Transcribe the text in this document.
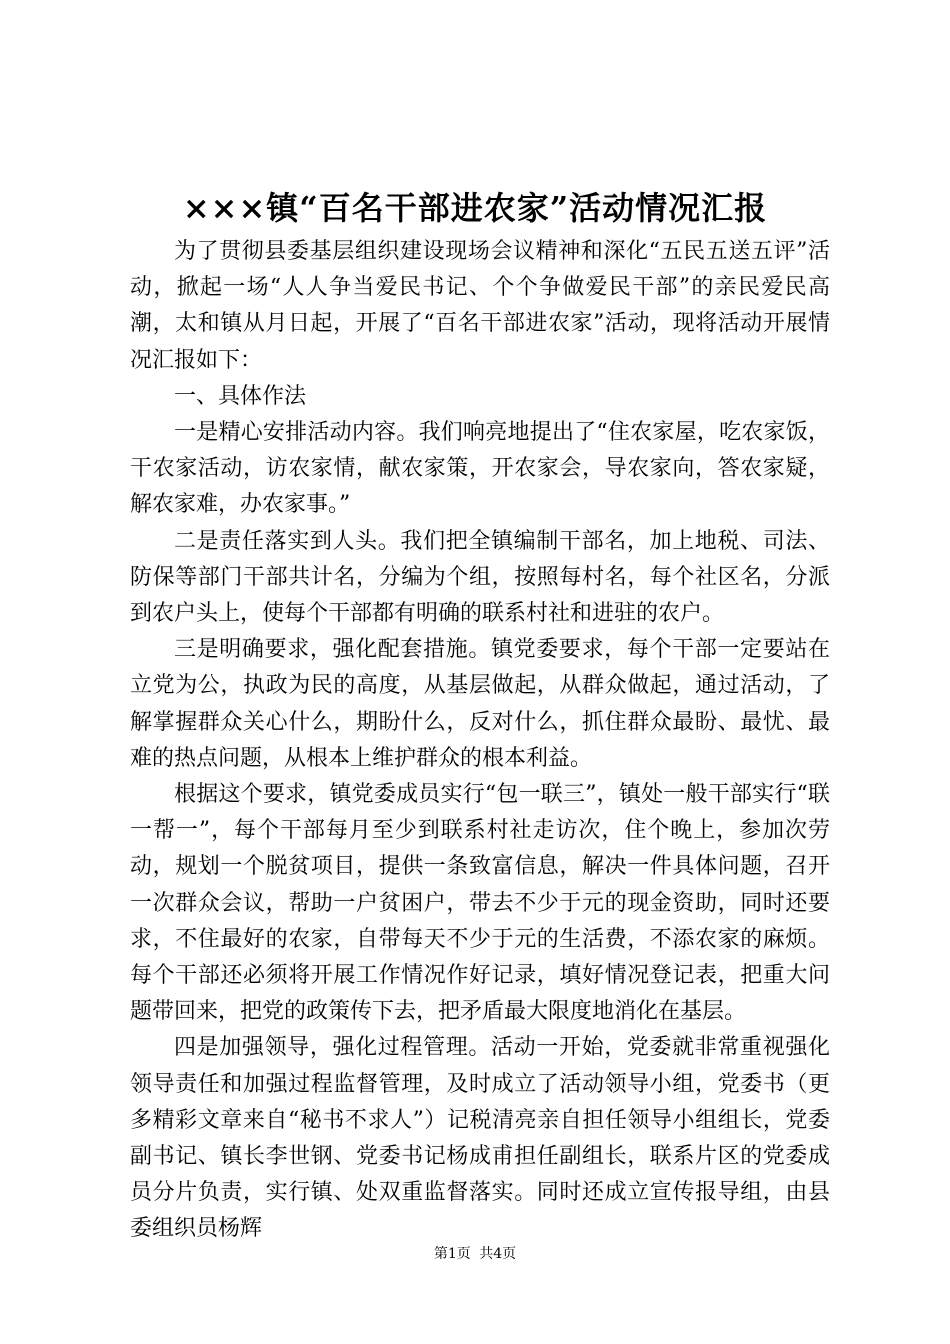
×××镇“百名干部进农家”活动情况汇报

为了贯彻县委基层组织建设现场会议精神和深化“五民五送五评”活动，掀起一场“人人争当爱民书记、个个争做爱民干部”的亲民爱民高潮，太和镇从月日起，开展了“百名干部进农家”活动，现将活动开展情况汇报如下：

一、具体作法

一是精心安排活动内容。我们响亮地提出了“住农家屋，吃农家饭，干农家活动，访农家情，献农家策，开农家会，导农家向，答农家疑，解农家难，办农家事。”

二是责任落实到人头。我们把全镇编制干部名，加上地税、司法、防保等部门干部共计名，分编为个组，按照每村名，每个社区名，分派到农户头上，使每个干部都有明确的联系村社和进驻的农户。

三是明确要求，强化配套措施。镇党委要求，每个干部一定要站在立党为公，执政为民的高度，从基层做起，从群众做起，通过活动，了解掌握群众关心什么，期盼什么，反对什么，抓住群众最盼、最忧、最难的热点问题，从根本上维护群众的根本利益。

根据这个要求，镇党委成员实行“包一联三”，镇处一般干部实行“联一帮一”，每个干部每月至少到联系村社走访次，住个晚上，参加次劳动，规划一个脱贫项目，提供一条致富信息，解决一件具体问题，召开一次群众会议，帮助一户贫困户，带去不少于元的现金资助，同时还要求，不住最好的农家，自带每天不少于元的生活费，不添农家的麻烦。每个干部还必须将开展工作情况作好记录，填好情况登记表，把重大问题带回来，把党的政策传下去，把矛盾最大限度地消化在基层。

四是加强领导，强化过程管理。活动一开始，党委就非常重视强化领导责任和加强过程监督管理，及时成立了活动领导小组，党委书（更多精彩文章来自“秘书不求人”）记税清亮亲自担任领导小组组长，党委副书记、镇长李世钢、党委书记杨成甫担任副组长，联系片区的党委成员分片负责，实行镇、处双重监督落实。同时还成立宣传报导组，由县委组织员杨辉

第1页 共4页
